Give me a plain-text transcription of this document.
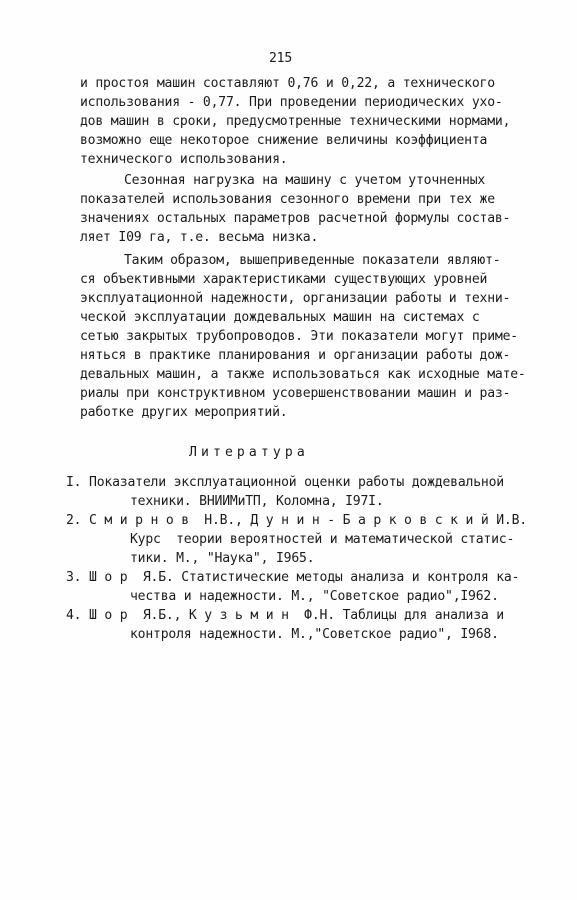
215
и простоя машин составляют 0,76 и 0,22, а технического
использования - 0,77. При проведении периодических ухо-
дов машин в сроки, предусмотренные техническими нормами,
возможно еще некоторое снижение величины коэффициента
технического использования.
Сезонная нагрузка на машину с учетом уточненных
показателей использования сезонного времени при тех же
значениях остальных параметров расчетной формулы состав-
ляет I09 га, т.е. весьма низка.
Таким образом, вышеприведенные показатели являют-
ся объективными характеристиками существующих уровней
эксплуатационной надежности, организации работы и техни-
ческой эксплуатации дождевальных машин на системах с
сетью закрытых трубопроводов. Эти показатели могут приме-
няться в практике планирования и организации работы дож-
девальных машин, а также использоваться как исходные мате-
риалы при конструктивном усовершенствовании машин и раз-
работке других мероприятий.
Литература
I. Показатели эксплуатационной оценки работы дождевальной
техники. ВНИИМиТП, Коломна, I97I.
2. С м и р н о в  Н.В., Д у н и н - Б а р к о в с к и й И.В.
Курс  теории вероятностей и математической статис-
тики. М., "Наука", I965.
3. Ш о р  Я.Б. Статистические методы анализа и контроля ка-
чества и надежности. М., "Советское радио",I962.
4. Ш о р  Я.Б., К у з ь м и н  Ф.Н. Таблицы для анализа и
контроля надежности. М.,"Советское радио", I968.
